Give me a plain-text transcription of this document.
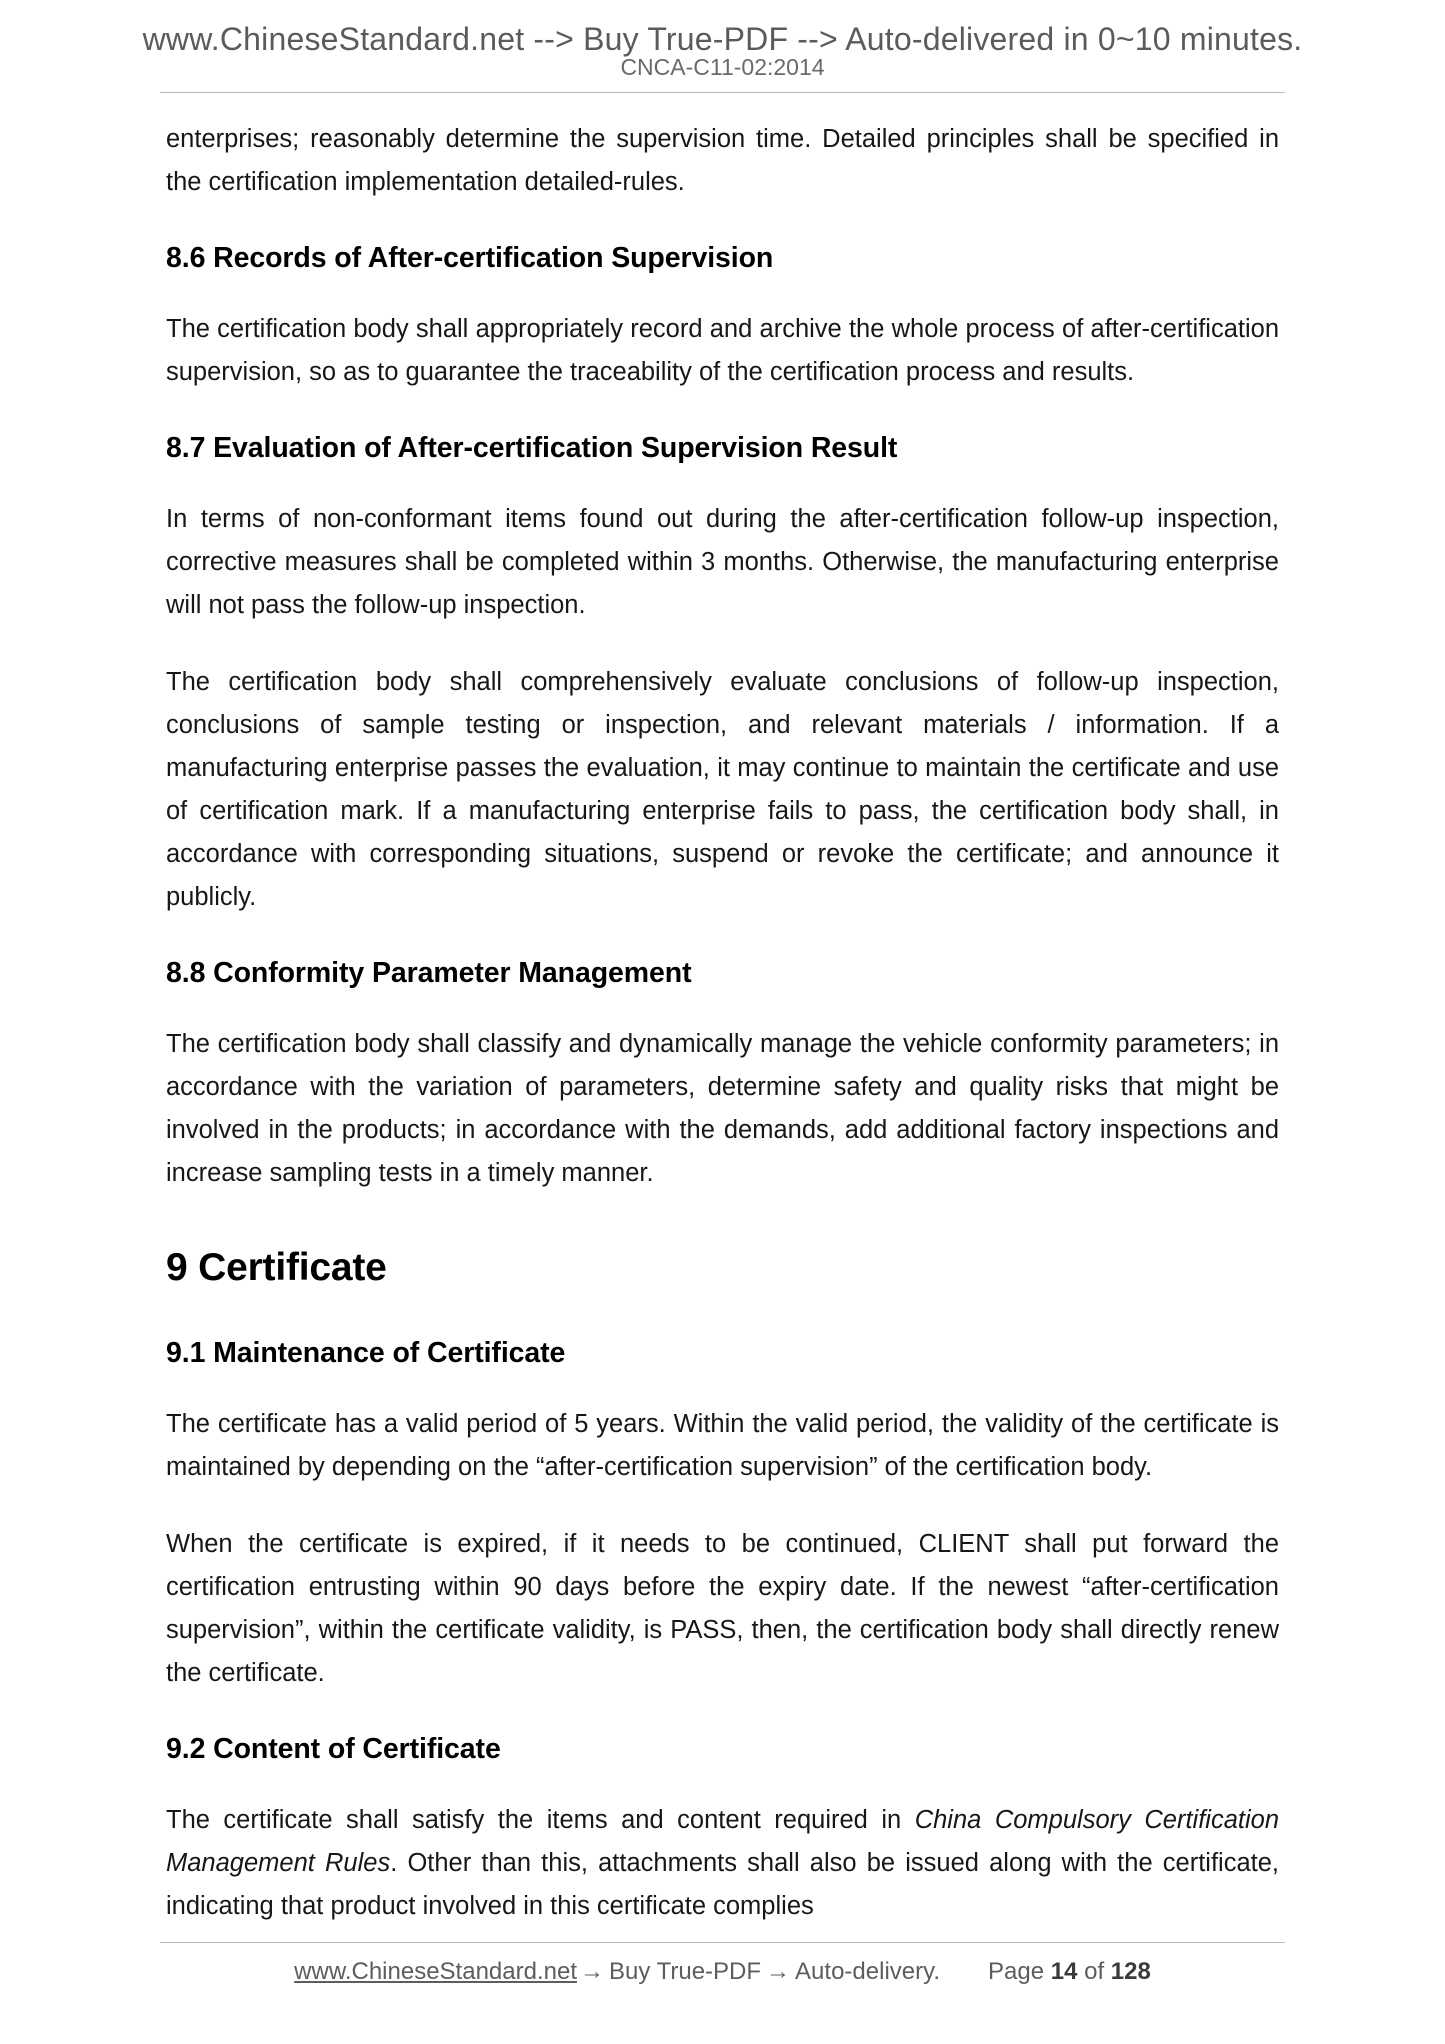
www.ChineseStandard.net --> Buy True-PDF --> Auto-delivered in 0~10 minutes.
CNCA-C11-02:2014

enterprises; reasonably determine the supervision time. Detailed principles shall be specified in the certification implementation detailed-rules.

8.6 Records of After-certification Supervision

The certification body shall appropriately record and archive the whole process of after-certification supervision, so as to guarantee the traceability of the certification process and results.

8.7 Evaluation of After-certification Supervision Result

In terms of non-conformant items found out during the after-certification follow-up inspection, corrective measures shall be completed within 3 months. Otherwise, the manufacturing enterprise will not pass the follow-up inspection.

The certification body shall comprehensively evaluate conclusions of follow-up inspection, conclusions of sample testing or inspection, and relevant materials / information. If a manufacturing enterprise passes the evaluation, it may continue to maintain the certificate and use of certification mark. If a manufacturing enterprise fails to pass, the certification body shall, in accordance with corresponding situations, suspend or revoke the certificate; and announce it publicly.

8.8 Conformity Parameter Management

The certification body shall classify and dynamically manage the vehicle conformity parameters; in accordance with the variation of parameters, determine safety and quality risks that might be involved in the products; in accordance with the demands, add additional factory inspections and increase sampling tests in a timely manner.

9 Certificate
9.1 Maintenance of Certificate

The certificate has a valid period of 5 years. Within the valid period, the validity of the certificate is maintained by depending on the “after-certification supervision” of the certification body.

When the certificate is expired, if it needs to be continued, CLIENT shall put forward the certification entrusting within 90 days before the expiry date. If the newest “after-certification supervision”, within the certificate validity, is PASS, then, the certification body shall directly renew the certificate.

9.2 Content of Certificate

The certificate shall satisfy the items and content required in China Compulsory Certification Management Rules. Other than this, attachments shall also be issued along with the certificate, indicating that product involved in this certificate complies

www.ChineseStandard.net → Buy True-PDF → Auto-delivery. Page 14 of 128
